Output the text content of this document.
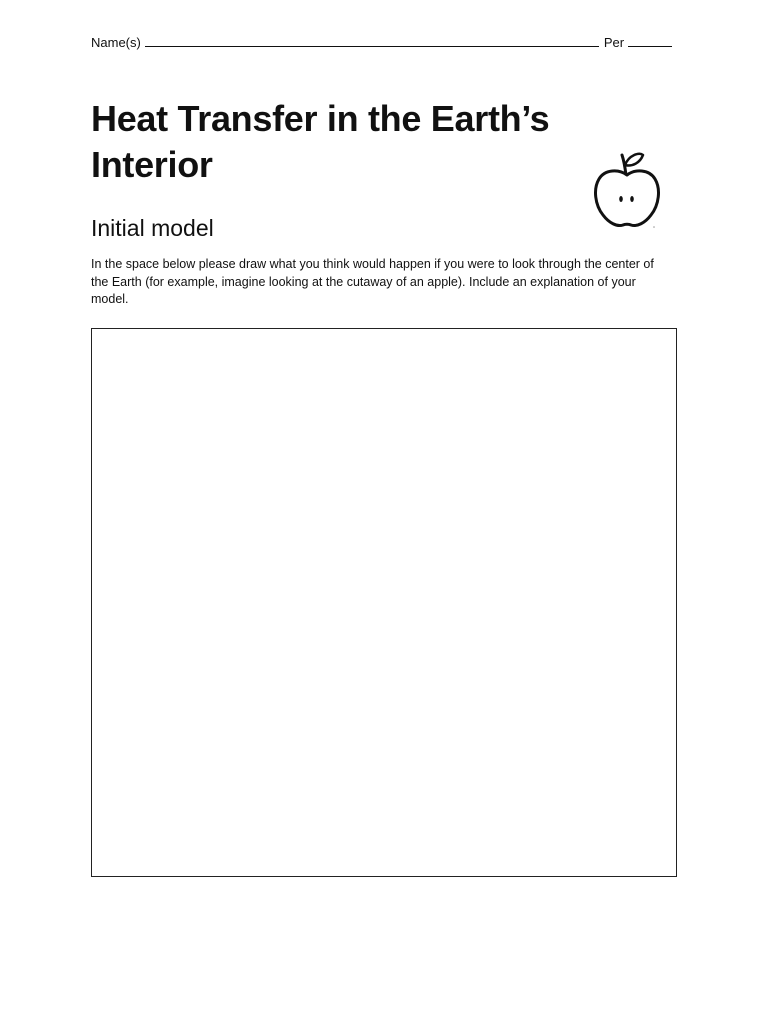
Name(s)	Per
Heat Transfer in the Earth’s Interior
Initial model

In the space below please draw what you think would happen if you were to look through the center of the Earth (for example, imagine looking at the cutaway of an apple). Include an explanation of your model.
